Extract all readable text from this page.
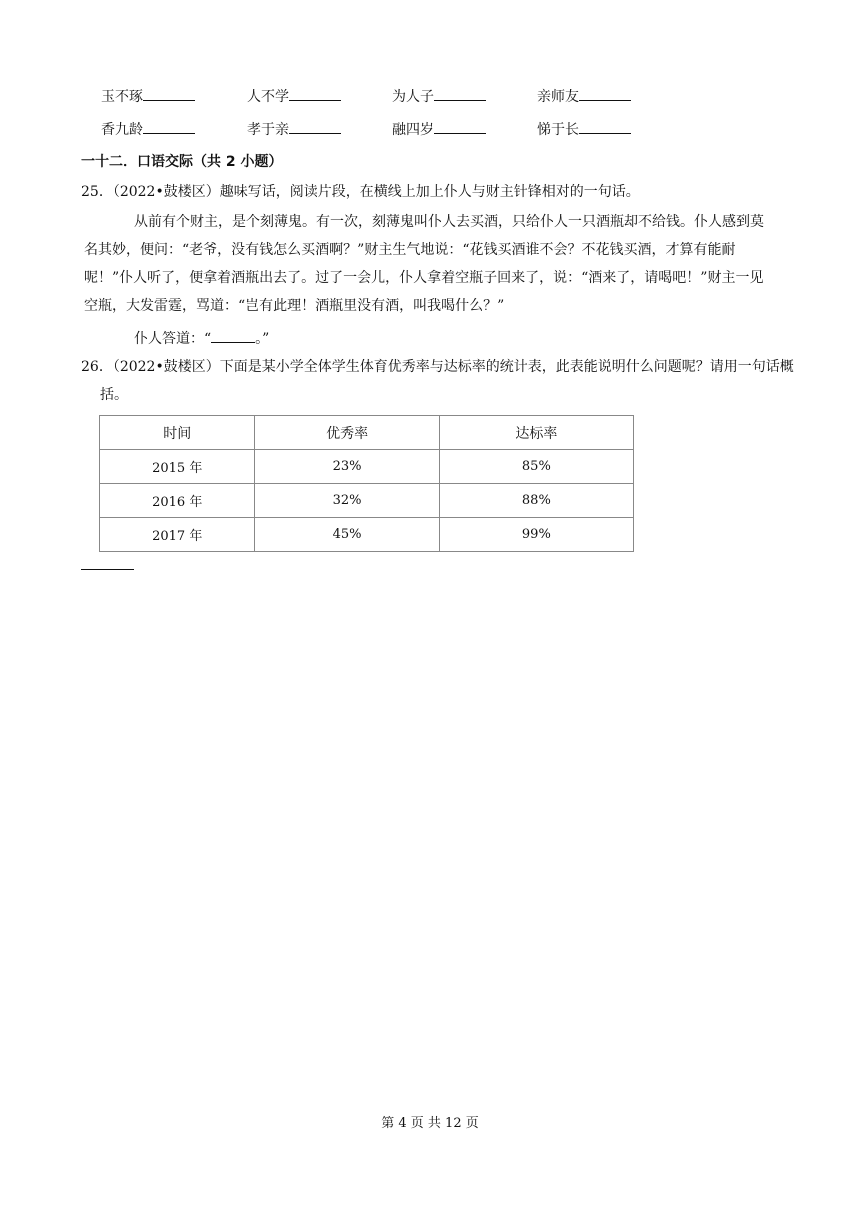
玉不琢	人不学	为人子	亲师友
香九龄	孝于亲	融四岁	悌于长
一十二．口语交际（共 2 小题）
25．（2022•鼓楼区）趣味写话，阅读片段，在横线上加上仆人与财主针锋相对的一句话。
从前有个财主，是个刻薄鬼。有一次，刻薄鬼叫仆人去买酒，只给仆人一只酒瓶却不给钱。仆人感到莫名其妙，便问：“老爷，没有钱怎么买酒啊？”财主生气地说：“花钱买酒谁不会？不花钱买酒，才算有能耐呢！”仆人听了，便拿着酒瓶出去了。过了一会儿，仆人拿着空瓶子回来了，说：“酒来了，请喝吧！”财主一见空瓶，大发雷霆，骂道：“岂有此理！酒瓶里没有酒，叫我喝什么？”
仆人答道：“	。”
26．（2022•鼓楼区）下面是某小学全体学生体育优秀率与达标率的统计表，此表能说明什么问题呢？请用一句话概括。
时间	优秀率	达标率
2015 年	23%	85%
2016 年	32%	88%
2017 年	45%	99%
第 4 页 共 12 页
